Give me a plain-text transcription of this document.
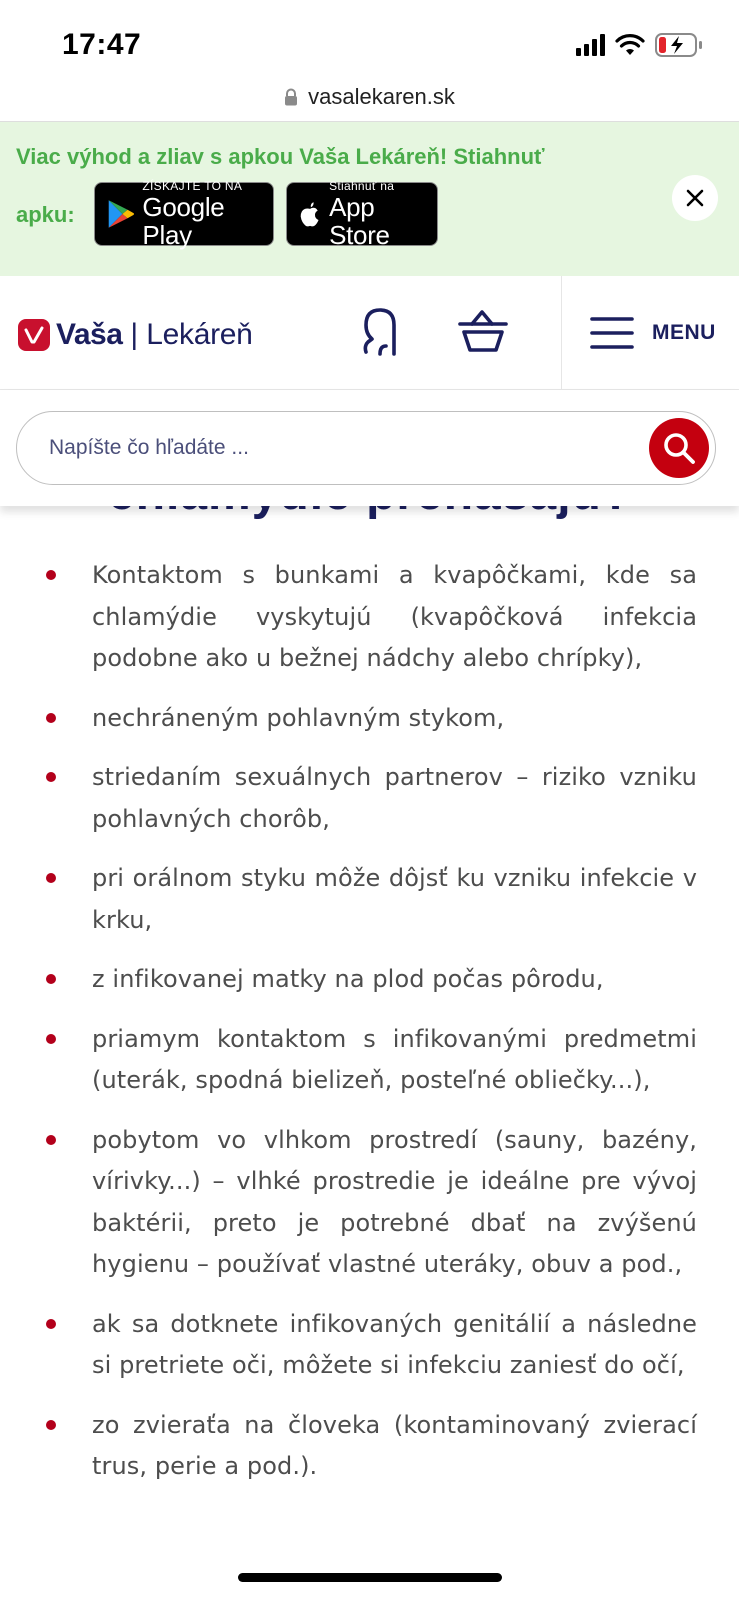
17:47
vasalekaren.sk
Viac výhod a zliav s apkou Vaša Lekáreň! Stiahnuť
apku:
ZÍSKAJTE TO NA
Google Play
Stiahnuť na
App Store
Vaša | Lekáreň	MENU
Napíšte čo hľadáte ...
Kontaktom s bunkami a kvapôčkami, kde sa chlamýdie vyskytujú (kvapôčková infekcia podobne ako u bežnej nádchy alebo chrípky),
nechráneným pohlavným stykom,
striedaním sexuálnych partnerov – riziko vzniku pohlavných chorôb,
pri orálnom styku môže dôjsť ku vzniku infekcie v krku,
z infikovanej matky na plod počas pôrodu,
priamym kontaktom s infikovanými predmetmi (uterák, spodná bielizeň, posteľné obliečky...),
pobytom vo vlhkom prostredí (sauny, bazény, vírivky...) – vlhké prostredie je ideálne pre vývoj baktérii, preto je potrebné dbať na zvýšenú hygienu – používať vlastné uteráky, obuv a pod.,
ak sa dotknete infikovaných genitálií a následne si pretriete oči, môžete si infekciu zaniesť do očí,
zo zvieraťa na človeka (kontaminovaný zvierací trus, perie a pod.).
